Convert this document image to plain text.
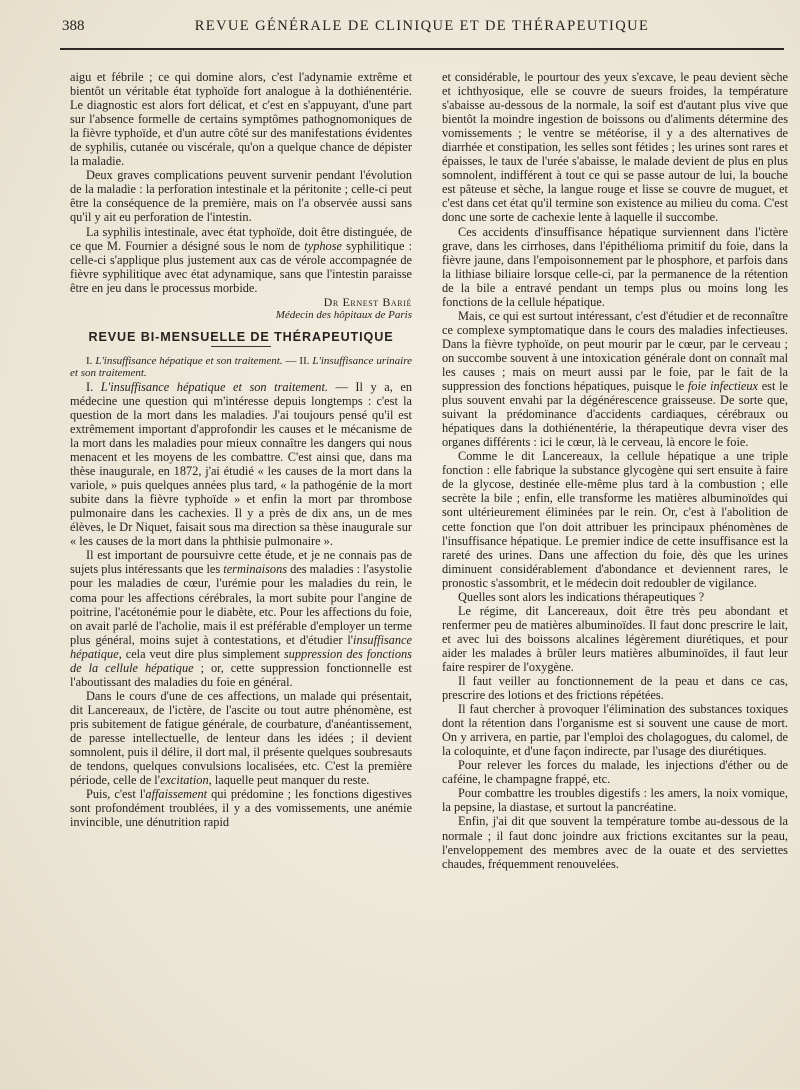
388	REVUE GÉNÉRALE DE CLINIQUE ET DE THÉRAPEUTIQUE

aigu et fébrile ; ce qui domine alors, c'est l'adynamie extrême et bientôt un véritable état typhoïde fort analogue à la dothiénentérie. Le diagnostic est alors fort délicat, et c'est en s'appuyant, d'une part sur l'absence formelle de certains symptômes pathognomoniques de la fièvre typhoïde, et d'un autre côté sur des manifestations évidentes de syphilis, cutanée ou viscérale, qu'on a quelque chance de dépister la maladie.

Deux graves complications peuvent survenir pendant l'évolution de la maladie : la perforation intestinale et la péritonite ; celle-ci peut être la conséquence de la première, mais on l'a observée aussi sans qu'il y ait eu perforation de l'intestin.

La syphilis intestinale, avec état typhoïde, doit être distinguée, de ce que M. Fournier a désigné sous le nom de typhose syphilitique : celle-ci s'applique plus justement aux cas de vérole accompagnée de fièvre syphilitique avec état adynamique, sans que l'intestin paraisse être en jeu dans le processus morbide.

Dr Ernest Barié

Médecin des hôpitaux de Paris

REVUE BI-MENSUELLE DE THÉRAPEUTIQUE

I. L'insuffisance hépatique et son traitement. — II. L'insuffisance urinaire et son traitement.

I. L'insuffisance hépatique et son traitement. — Il y a, en médecine une question qui m'intéresse depuis longtemps : c'est la question de la mort dans les maladies. J'ai toujours pensé qu'il est extrêmement important d'approfondir les causes et le mécanisme de la mort dans les maladies pour mieux connaître les dangers qui nous menacent et les moyens de les combattre. C'est ainsi que, dans ma thèse inaugurale, en 1872, j'ai étudié « les causes de la mort dans la variole, » puis quelques années plus tard, « la pathogénie de la mort subite dans la fièvre typhoïde » et enfin la mort par thrombose pulmonaire dans les cachexies. Il y a près de dix ans, un de mes élèves, le Dr Niquet, faisait sous ma direction sa thèse inaugurale sur « les causes de la mort dans la phthisie pulmonaire ».

Il est important de poursuivre cette étude, et je ne connais pas de sujets plus intéressants que les terminaisons des maladies : l'asystolie pour les maladies de cœur, l'urémie pour les maladies du rein, le coma pour les affections cérébrales, la mort subite pour l'angine de poitrine, l'acétonémie pour le diabète, etc. Pour les affections du foie, on avait parlé de l'acholie, mais il est préférable d'employer un terme plus général, moins sujet à contestations, et d'étudier l'insuffisance hépatique, cela veut dire plus simplement suppression des fonctions de la cellule hépatique ; or, cette suppression fonctionnelle est l'aboutissant des maladies du foie en général.

Dans le cours d'une de ces affections, un malade qui présentait, dit Lancereaux, de l'ictère, de l'ascite ou tout autre phénomène, est pris subitement de fatigue générale, de courbature, d'anéantissement, de paresse intellectuelle, de lenteur dans les idées ; il devient somnolent, puis il délire, il dort mal, il présente quelques soubresauts de tendons, quelques convulsions localisées, etc. C'est la première période, celle de l'excitation, laquelle peut manquer du reste.

Puis, c'est l'affaissement qui prédomine ; les fonctions digestives sont profondément troublées, il y a des vomissements, une anémie invincible, une dénutrition rapid

et considérable, le pourtour des yeux s'excave, le peau devient sèche et ichthyosique, elle se couvre de sueurs froides, la température s'abaisse au-dessous de la normale, la soif est d'autant plus vive que bientôt la moindre ingestion de boissons ou d'aliments détermine des vomissements ; le ventre se météorise, il y a des alternatives de diarrhée et constipation, les selles sont fétides ; les urines sont rares et épaisses, le taux de l'urée s'abaisse, le malade devient de plus en plus somnolent, indifférent à tout ce qui se passe autour de lui, la bouche est pâteuse et sèche, la langue rouge et lisse se couvre de muguet, et c'est dans cet état qu'il termine son existence au milieu du coma. C'est donc une sorte de cachexie lente à laquelle il succombe.

Ces accidents d'insuffisance hépatique surviennent dans l'ictère grave, dans les cirrhoses, dans l'épithélioma primitif du foie, dans la fièvre jaune, dans l'empoisonnement par le phosphore, et parfois dans la lithiase biliaire lorsque celle-ci, par la permanence de la rétention de la bile a entravé pendant un temps plus ou moins long les fonctions de la cellule hépatique.

Mais, ce qui est surtout intéressant, c'est d'étudier et de reconnaître ce complexe symptomatique dans le cours des maladies infectieuses. Dans la fièvre typhoïde, on peut mourir par le cœur, par le cerveau ; on succombe souvent à une intoxication générale dont on connaît mal les causes ; mais on meurt aussi par le foie, par le fait de la suppression des fonctions hépatiques, puisque le foie infectieux est le plus souvent envahi par la dégénérescence graisseuse. De sorte que, suivant la prédominance d'accidents cardiaques, cérébraux ou hépatiques dans la dothiénentérie, la thérapeutique devra viser des organes différents : ici le cœur, là le cerveau, là encore le foie.

Comme le dit Lancereaux, la cellule hépatique a une triple fonction : elle fabrique la substance glycogène qui sert ensuite à faire de la glycose, destinée elle-même plus tard à la combustion ; elle secrète la bile ; enfin, elle transforme les matières albuminoïdes qui sont ultérieurement éliminées par le rein. Or, c'est à l'abolition de cette fonction que l'on doit attribuer les principaux phénomènes de l'insuffisance hépatique. Le premier indice de cette insuffisance est la rareté des urines. Dans une affection du foie, dès que les urines diminuent considérablement d'abondance et deviennent rares, le pronostic s'assombrit, et le médecin doit redoubler de vigilance.

Quelles sont alors les indications thérapeutiques ?

Le régime, dit Lancereaux, doit être très peu abondant et renfermer peu de matières albuminoïdes. Il faut donc prescrire le lait, et avec lui des boissons alcalines légèrement diurétiques, et pour aider les malades à brûler leurs matières albuminoïdes, il faut leur faire respirer de l'oxygène.

Il faut veiller au fonctionnement de la peau et dans ce cas, prescrire des lotions et des frictions répétées.

Il faut chercher à provoquer l'élimination des substances toxiques dont la rétention dans l'organisme est si souvent une cause de mort. On y arrivera, en partie, par l'emploi des cholagogues, du calomel, de la coloquinte, et d'une façon indirecte, par l'usage des diurétiques.

Pour relever les forces du malade, les injections d'éther ou de caféine, le champagne frappé, etc.

Pour combattre les troubles digestifs : les amers, la noix vomique, la pepsine, la diastase, et surtout la pancréatine.

Enfin, j'ai dit que souvent la température tombe au-dessous de la normale ; il faut donc joindre aux frictions excitantes sur la peau, l'enveloppement des membres avec de la ouate et des serviettes chaudes, fréquemment renouvelées.
